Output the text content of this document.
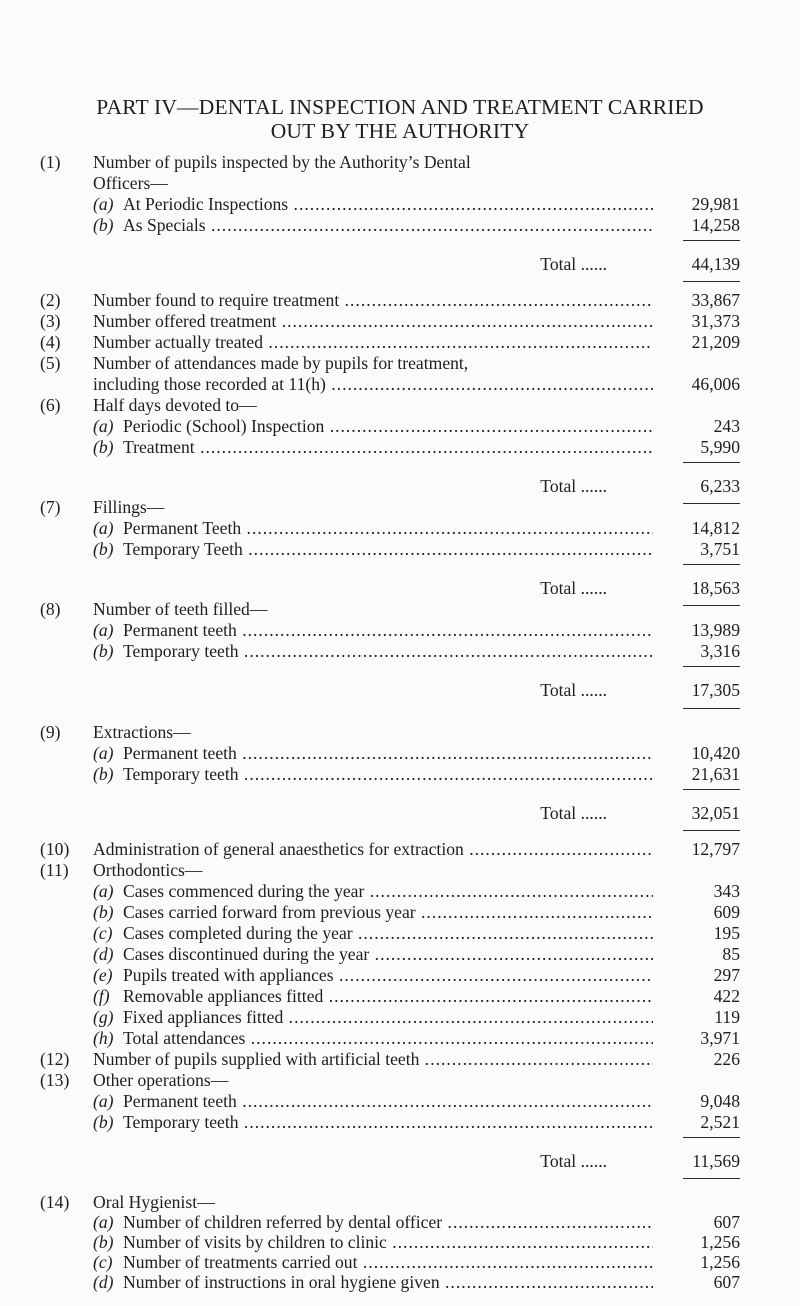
PART IV—DENTAL INSPECTION AND TREATMENT CARRIED
OUT BY THE AUTHORITY
(1)	Number of pupils inspected by the Authority’s Dental
Officers—
(a) At Periodic Inspections .....	29,981
(b) As Specials .....	14,258
Total ......	44,139
(2)	Number found to require treatment .....	33,867
(3)	Number offered treatment .....	31,373
(4)	Number actually treated .....	21,209
(5)	Number of attendances made by pupils for treatment,
including those recorded at 11(h) .....	46,006
(6)	Half days devoted to—
(a) Periodic (School) Inspection .....	243
(b) Treatment .....	5,990
Total ......	6,233
(7)	Fillings—
(a) Permanent Teeth .....	14,812
(b) Temporary Teeth .....	3,751
Total ......	18,563
(8)	Number of teeth filled—
(a) Permanent teeth .....	13,989
(b) Temporary teeth .....	3,316
Total ......	17,305
(9)	Extractions—
(a) Permanent teeth .....	10,420
(b) Temporary teeth .....	21,631
Total ......	32,051
(10)	Administration of general anaesthetics for extraction .....	12,797
(11)	Orthodontics—
(a) Cases commenced during the year .....	343
(b) Cases carried forward from previous year .....	609
(c) Cases completed during the year .....	195
(d) Cases discontinued during the year .....	85
(e) Pupils treated with appliances .....	297
(f) Removable appliances fitted .....	422
(g) Fixed appliances fitted .....	119
(h) Total attendances .....	3,971
(12)	Number of pupils supplied with artificial teeth .....	226
(13)	Other operations—
(a) Permanent teeth .....	9,048
(b) Temporary teeth .....	2,521
Total ......	11,569
(14)	Oral Hygienist—
(a) Number of children referred by dental officer .....	607
(b) Number of visits by children to clinic .....	1,256
(c) Number of treatments carried out .....	1,256
(d) Number of instructions in oral hygiene given .....	607
